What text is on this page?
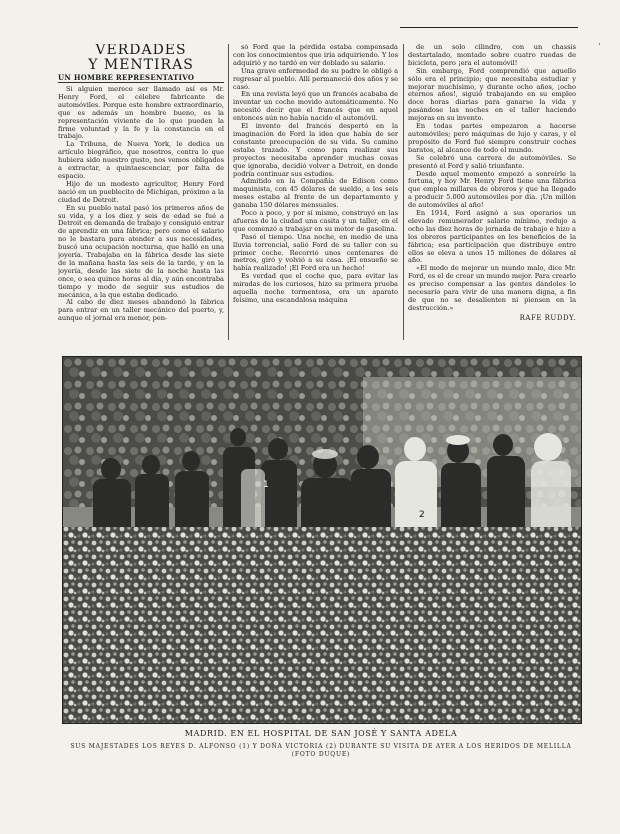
·
VERDADES
Y MENTIRAS
UN HOMBRE REPRESENTATIVO

Si alguien merece ser llamado así es Mr. Henry Ford, el célebre fabricante de automóviles. Porque este hombre extraordinario, que es además un hombre bueno, es la representación viviente de lo que pueden la firme voluntad y la fe y la constancia en el trabajo.

La Tribuna, de Nueva York, le dedica un artículo biográfico, que nosotros, contra lo que hubiera sido nuestro gusto, nos vemos obligados a extractar, a quintaescenciar, por falta de espacio.

Hijo de un modesto agricultor, Henry Ford nació en un pueblecito de Michigan, próximo a la ciudad de Detroit.

En su pueblo natal pasó los primeros años de su vida, y a los diez y seis de edad se fué a Detroit en demanda de trabajo y consiguió entrar de aprendiz en una fábrica; pero como el salario no le bastara para atender a sus necesidades, buscó una ocupación nocturna, que halló en una joyería. Trabajaba en la fábrica desde las siete de la mañana hasta las seis de la tarde, y en la joyería, desde las siete de la noche hasta las once, o sea quince horas al día, y aún encontraba tiempo y modo de seguir sus estudios de mecánica, a la que estaba dedicado.

Al cabo de diez meses abandonó la fábrica para entrar en un taller mecánico del puerto, y, aunque el jornal era menor, pen-

só Ford que la pérdida estaba compensada con los conocimientos que iría adquiriendo. Y los adquirió y no tardó en ver doblado su salario.

Una grave enfermedad de su padre le obligó a regresar al pueblo. Allí permaneció dos años y se casó.

En una revista leyó que un francés acababa de inventar un coche movido automáticamente. No necesitó decir que el francés que en aquel entonces aún no había nacido el automóvil.

El invento del francés despertó en la imaginación de Ford la idea que había de ser constante preocupación de su vida. Su camino estaba trazado. Y como para realizar sus proyectos necesitaba aprender muchas cosas que ignoraba, decidió volver a Detroit, en donde podría continuar sus estudios.

Admitido en la Compañía de Edison como maquinista, con 45 dólares de sueldo, a los seis meses estaba al frente de un departamento y ganaba 150 dólares mensuales.

Poco a poco, y por sí mismo, construyó en las afueras de la ciudad una casita y un taller, en el que comenzó a trabajar en su motor de gasolina.

Pasó el tiempo. Una noche, en medio de una lluvia torrencial, salió Ford de su taller con su primer coche. Recorrió unos centenares de metros, giró y volvió a su casa. ¡El ensueño se había realizado! ¡El Ford era un hecho!

Es verdad que el coche que, para evitar las miradas de los curiosos, hizo su primera prueba aquella noche tormentosa, era un aparato feísimo, una escandalosa máquina

de un solo cilindro, con un chassis destartalado, montado sobre cuatro ruedas de bicicleta, pero ¡era el automóvil!

Sin embargo, Ford comprendió que aquello sólo era el principio; que necesitaba estudiar y mejorar muchísimo, y durante ocho años, ¡ocho eternos años!, siguió trabajando en su empleo doce horas diarias para ganarse la vida y pasándose las noches en el taller haciendo mejoras en su invento.

En todas partes empezaron a hacerse automóviles; pero máquinas de lujo y caras, y el propósito de Ford fué siempre construir coches baratos, al alcance de todo el mundo.

Se celebró una carrera de automóviles. Se presentó el Ford y salió triunfante.

Desde aquel momento empezó a sonreírle la fortuna, y hoy Mr. Henry Ford tiene una fábrica que emplea millares de obreros y que ha llegado a producir 5.000 automóviles por día. ¡Un millón de automóviles al año!

En 1914, Ford asignó a sus operarios un elevado remunerador salario mínimo, redujo a ocho las diez horas de jornada de trabajo e hizo a los obreros participantes en los beneficios de la fábrica; esa participación que distribuye entre ellos se eleva a unos 15 millones de dólares al año.

«El modo de mejorar un mundo malo, dice Mr. Ford, es el de crear un mundo mejor. Para crearlo es preciso compensar a las gentes dándoles lo necesario para vivir de una manera digna, a fin de que no se desalienten ni piensen en la destrucción.»

RAFE RUDDY.
1
2
MADRID. EN EL HOSPITAL DE SAN JOSÉ Y SANTA ADELA
SUS MAJESTADES LOS REYES D. ALFONSO (1) Y DOÑA VICTORIA (2) DURANTE SU VISITA DE AYER A LOS HERIDOS DE MELILLA
(FOTO DUQUE)
